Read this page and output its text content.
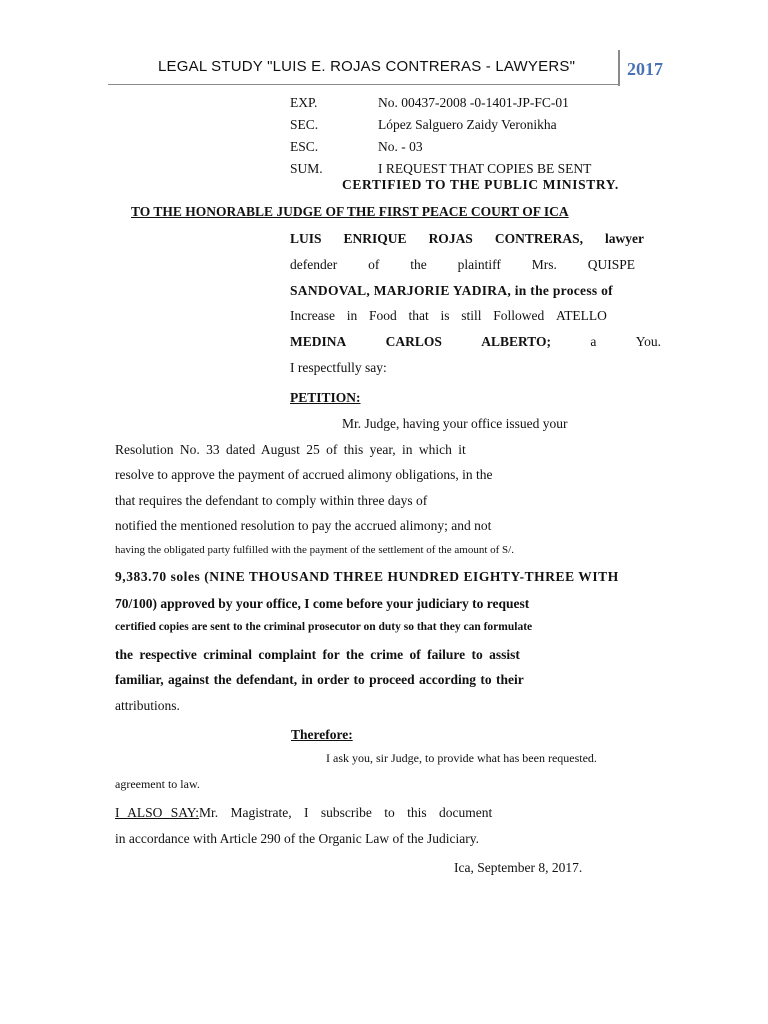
LEGAL STUDY "LUIS E. ROJAS CONTRERAS - LAWYERS"	2017
EXP.	No. 00437-2008 -0-1401-JP-FC-01
SEC.	López Salguero Zaidy Veronikha
ESC.	No. - 03
SUM.	I REQUEST THAT COPIES BE SENT
CERTIFIED TO THE PUBLIC MINISTRY.
TO THE HONORABLE JUDGE OF THE FIRST PEACE COURT OF ICA
LUIS ENRIQUE ROJAS CONTRERAS, lawyer
defender of the plaintiff Mrs. QUISPE
SANDOVAL, MARJORIE YADIRA, in the process of
Increase in Food that is still Followed ATELLO
MEDINA	CARLOS	ALBERTO;	a	You.
I respectfully say:
PETITION:
Mr. Judge, having your office issued your
Resolution No. 33 dated August 25 of this year, in which it
resolve to approve the payment of accrued alimony obligations, in the
that requires the defendant to comply within three days of
notified the mentioned resolution to pay the accrued alimony; and not
having the obligated party fulfilled with the payment of the settlement of the amount of S/.
9,383.70 soles (NINE THOUSAND THREE HUNDRED EIGHTY-THREE WITH
70/100) approved by your office, I come before your judiciary to request
certified copies are sent to the criminal prosecutor on duty so that they can formulate
the respective criminal complaint for the crime of failure to assist
familiar, against the defendant, in order to proceed according to their
attributions.
Therefore:
I ask you, sir Judge, to provide what has been requested.
agreement to law.
I ALSO SAY:Mr. Magistrate, I subscribe to this document
in accordance with Article 290 of the Organic Law of the Judiciary.
Ica, September 8, 2017.
